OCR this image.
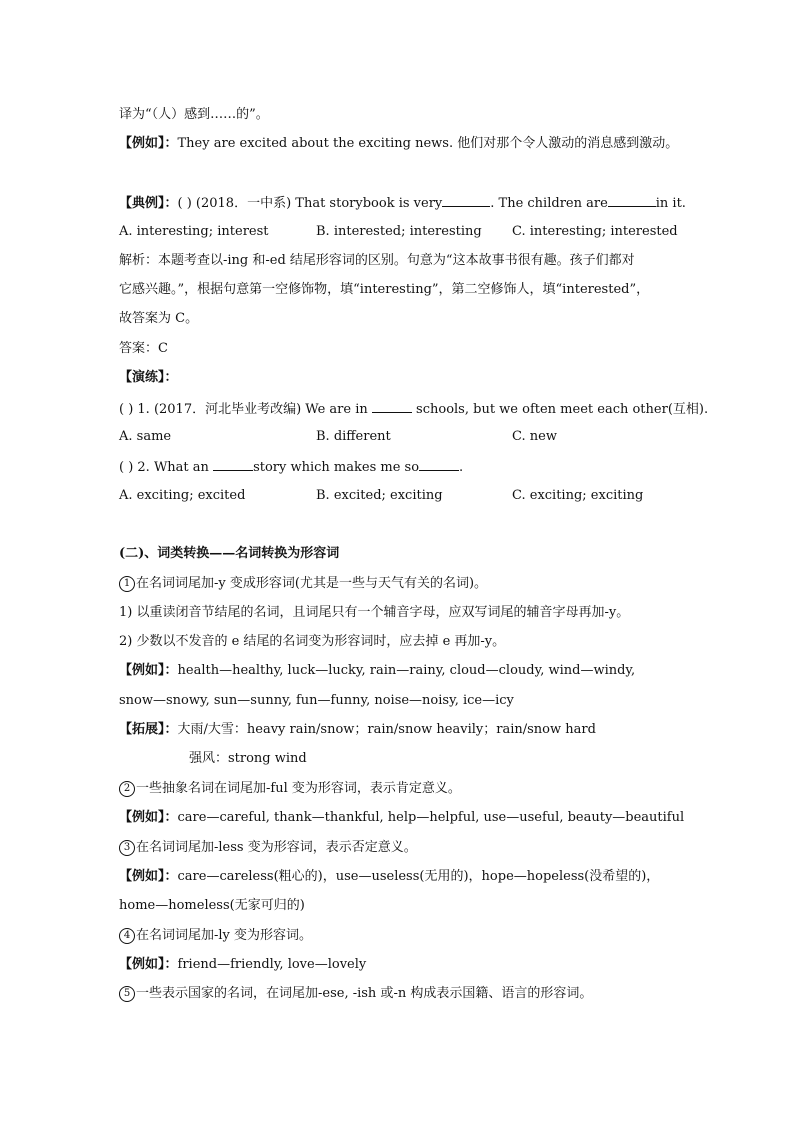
译为“（人）感到……的”。
【例如】：They are excited about the exciting news. 他们对那个令人激动的消息感到激动。
【典例】：( ) (2018．一中系) That storybook is very	. The children are	in it.
A. interesting; interest	B. interested; interesting C. interesting; interested
解析：本题考查以-ing 和-ed 结尾形容词的区别。句意为“这本故事书很有趣。孩子们都对
它感兴趣。”，根据句意第一空修饰物，填“interesting”，第二空修饰人，填“interested”，
故答案为 C。
答案：C
【演练】：
( ) 1. (2017．河北毕业考改编) We are in	schools, but we often meet each other(互相).
A. same	B. different	C. new
( ) 2. What an	story which makes me so	.
A. exciting; excited	B. excited; exciting	C. exciting; exciting
(二)、词类转换——名词转换为形容词
1 在名词词尾加-y 变成形容词(尤其是一些与天气有关的名词)。
1) 以重读闭音节结尾的名词，且词尾只有一个辅音字母，应双写词尾的辅音字母再加-y。
2) 少数以不发音的 e 结尾的名词变为形容词时，应去掉 e 再加-y。
【例如】：health—healthy, luck—lucky, rain—rainy, cloud—cloudy, wind—windy,
snow—snowy, sun—sunny, fun—funny, noise—noisy, ice—icy
【拓展】：大雨/大雪：heavy rain/snow；rain/snow heavily；rain/snow hard
强风：strong wind
2 一些抽象名词在词尾加-ful 变为形容词，表示肯定意义。
【例如】：care—careful, thank—thankful, help—helpful, use—useful, beauty—beautiful
3 在名词词尾加-less 变为形容词，表示否定意义。
【例如】：care—careless(粗心的)，use—useless(无用的)，hope—hopeless(没希望的)，
home—homeless(无家可归的)
4 在名词词尾加-ly 变为形容词。
【例如】：friend—friendly, love—lovely
5 一些表示国家的名词，在词尾加-ese, -ish 或-n 构成表示国籍、语言的形容词。
